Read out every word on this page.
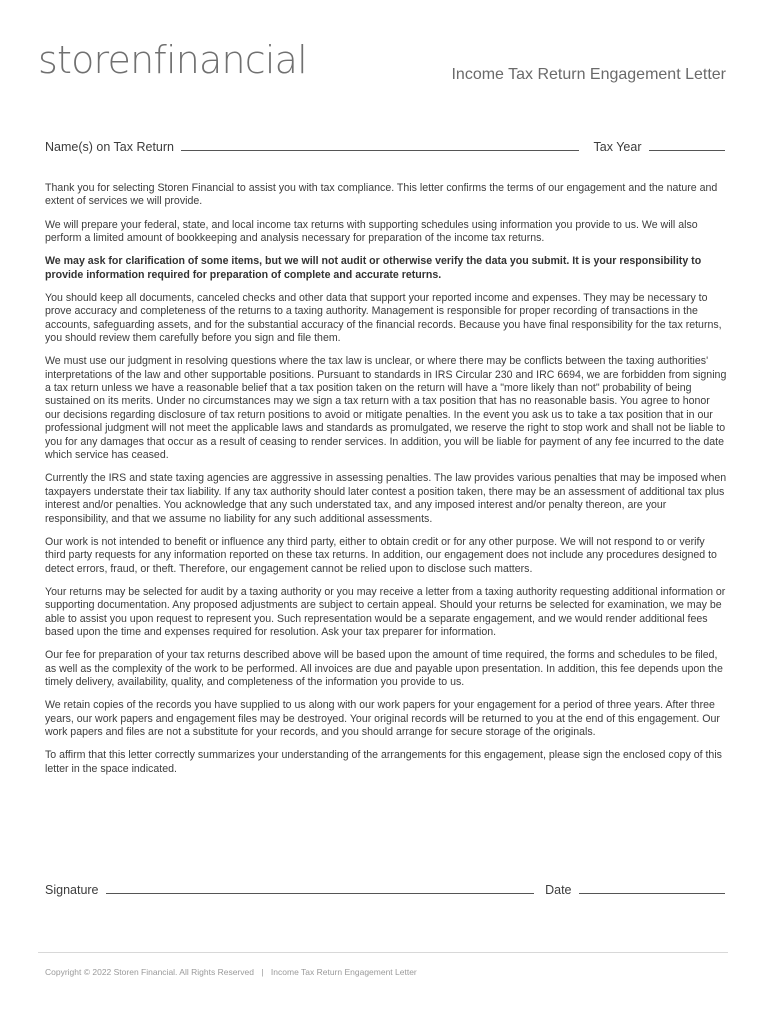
storenfinancial	Income Tax Return Engagement Letter
Name(s) on Tax Return	Tax Year

Thank you for selecting Storen Financial to assist you with tax compliance. This letter confirms the terms of our engagement and the nature and extent of services we will provide.

We will prepare your federal, state, and local income tax returns with supporting schedules using information you provide to us. We will also perform a limited amount of bookkeeping and analysis necessary for preparation of the income tax returns.

We may ask for clarification of some items, but we will not audit or otherwise verify the data you submit. It is your responsibility to provide information required for preparation of complete and accurate returns.

You should keep all documents, canceled checks and other data that support your reported income and expenses. They may be necessary to prove accuracy and completeness of the returns to a taxing authority. Management is responsible for proper recording of transactions in the accounts, safeguarding assets, and for the substantial accuracy of the financial records. Because you have final responsibility for the tax returns, you should review them carefully before you sign and file them.

We must use our judgment in resolving questions where the tax law is unclear, or where there may be conflicts between the taxing authorities' interpretations of the law and other supportable positions. Pursuant to standards in IRS Circular 230 and IRC 6694, we are forbidden from signing a tax return unless we have a reasonable belief that a tax position taken on the return will have a "more likely than not" probability of being sustained on its merits. Under no circumstances may we sign a tax return with a tax position that has no reasonable basis. You agree to honor our decisions regarding disclosure of tax return positions to avoid or mitigate penalties. In the event you ask us to take a tax position that in our professional judgment will not meet the applicable laws and standards as promulgated, we reserve the right to stop work and shall not be liable to you for any damages that occur as a result of ceasing to render services. In addition, you will be liable for payment of any fee incurred to the date which service has ceased.

Currently the IRS and state taxing agencies are aggressive in assessing penalties. The law provides various penalties that may be imposed when taxpayers understate their tax liability. If any tax authority should later contest a position taken, there may be an assessment of additional tax plus interest and/or penalties. You acknowledge that any such understated tax, and any imposed interest and/or penalty thereon, are your responsibility, and that we assume no liability for any such additional assessments.

Our work is not intended to benefit or influence any third party, either to obtain credit or for any other purpose. We will not respond to or verify third party requests for any information reported on these tax returns. In addition, our engagement does not include any procedures designed to detect errors, fraud, or theft. Therefore, our engagement cannot be relied upon to disclose such matters.

Your returns may be selected for audit by a taxing authority or you may receive a letter from a taxing authority requesting additional information or supporting documentation. Any proposed adjustments are subject to certain appeal. Should your returns be selected for examination, we may be able to assist you upon request to represent you. Such representation would be a separate engagement, and we would render additional fees based upon the time and expenses required for resolution. Ask your tax preparer for information.

Our fee for preparation of your tax returns described above will be based upon the amount of time required, the forms and schedules to be filed, as well as the complexity of the work to be performed. All invoices are due and payable upon presentation. In addition, this fee depends upon the timely delivery, availability, quality, and completeness of the information you provide to us.

We retain copies of the records you have supplied to us along with our work papers for your engagement for a period of three years. After three years, our work papers and engagement files may be destroyed. Your original records will be returned to you at the end of this engagement. Our work papers and files are not a substitute for your records, and you should arrange for secure storage of the originals.

To affirm that this letter correctly summarizes your understanding of the arrangements for this engagement, please sign the enclosed copy of this letter in the space indicated.

Signature	Date
Copyright © 2022 Storen Financial. All Rights Reserved | Income Tax Return Engagement Letter
